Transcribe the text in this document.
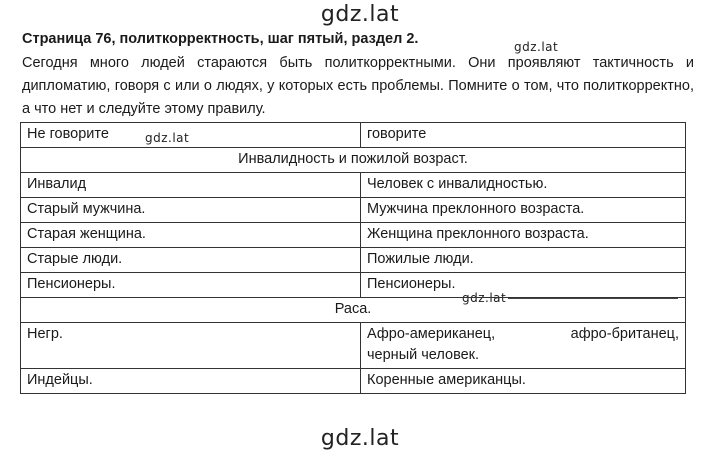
gdz.lat
gdz.lat
gdz.lat
gdz.lat
gdz.lat

Страница 76, политкорректность, шаг пятый, раздел 2.

Сегодня много людей стараются быть политкорректными. Они проявляют тактичность и дипломатию, говоря с или о людях, у которых есть проблемы. Помните о том, что политкорректно, а что нет и следуйте этому правилу.

Не говорите	говорите
Инвалидность и пожилой возраст.	
Инвалид	Человек с инвалидностью.
Старый мужчина.	Мужчина преклонного возраста.
Старая женщина.	Женщина преклонного возраста.
Старые люди.	Пожилые люди.
Пенсионеры.	Пенсионеры.
Раса.	
Негр.	Афро-американец, афро-британец,
черный человек.

Индейцы.	Коренные американцы.
